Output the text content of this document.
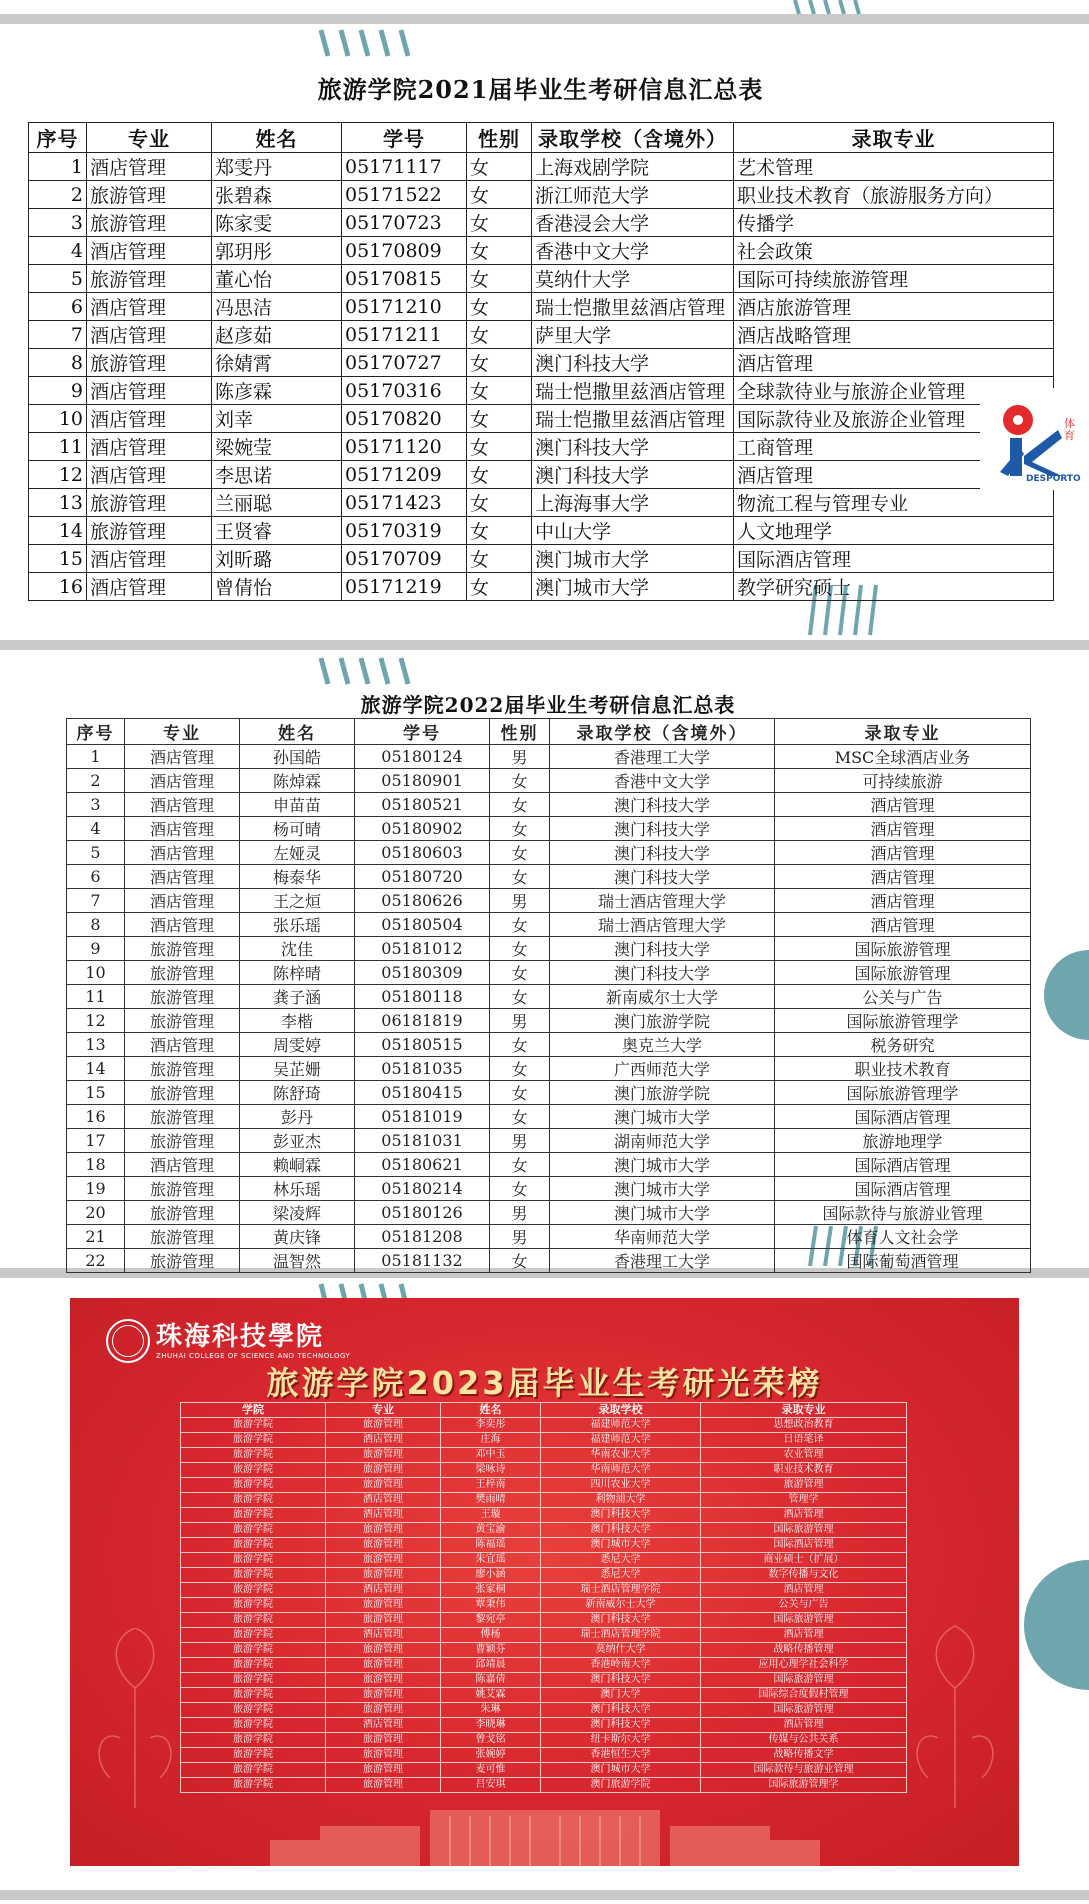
旅游学院2021届毕业生考研信息汇总表
序号	专业	姓名	学号	性别	录取学校（含境外）	录取专业
1	酒店管理	郑雯丹	05171117	女	上海戏剧学院	艺术管理
2	旅游管理	张碧森	05171522	女	浙江师范大学	职业技术教育（旅游服务方向）
3	旅游管理	陈家雯	05170723	女	香港浸会大学	传播学
4	酒店管理	郭玥彤	05170809	女	香港中文大学	社会政策
5	旅游管理	董心怡	05170815	女	莫纳什大学	国际可持续旅游管理
6	酒店管理	冯思洁	05171210	女	瑞士恺撒里兹酒店管理	酒店旅游管理
7	酒店管理	赵彦茹	05171211	女	萨里大学	酒店战略管理
8	旅游管理	徐婧霄	05170727	女	澳门科技大学	酒店管理
9	酒店管理	陈彦霖	05170316	女	瑞士恺撒里兹酒店管理	全球款待业与旅游企业管理
10	酒店管理	刘幸	05170820	女	瑞士恺撒里兹酒店管理	国际款待业及旅游企业管理
11	酒店管理	梁婉莹	05171120	女	澳门科技大学	工商管理
12	酒店管理	李思诺	05171209	女	澳门科技大学	酒店管理
13	旅游管理	兰丽聪	05171423	女	上海海事大学	物流工程与管理专业
14	旅游管理	王贤睿	05170319	女	中山大学	人文地理学
15	酒店管理	刘昕璐	05170709	女	澳门城市大学	国际酒店管理
16	酒店管理	曾倩怡	05171219	女	澳门城市大学	教学研究硕士
体育
DESPORTO
旅游学院2022届毕业生考研信息汇总表
序号	专业	姓名	学号	性别	录取学校（含境外）	录取专业
1	酒店管理	孙国皓	05180124	男	香港理工大学	MSC全球酒店业务
2	酒店管理	陈焯霖	05180901	女	香港中文大学	可持续旅游
3	酒店管理	申苗苗	05180521	女	澳门科技大学	酒店管理
4	酒店管理	杨可晴	05180902	女	澳门科技大学	酒店管理
5	酒店管理	左娅灵	05180603	女	澳门科技大学	酒店管理
6	酒店管理	梅泰华	05180720	女	澳门科技大学	酒店管理
7	酒店管理	王之烜	05180626	男	瑞士酒店管理大学	酒店管理
8	酒店管理	张乐瑶	05180504	女	瑞士酒店管理大学	酒店管理
9	旅游管理	沈佳	05181012	女	澳门科技大学	国际旅游管理
10	旅游管理	陈梓晴	05180309	女	澳门科技大学	国际旅游管理
11	旅游管理	龚子涵	05180118	女	新南威尔士大学	公关与广告
12	旅游管理	李楷	06181819	男	澳门旅游学院	国际旅游管理学
13	酒店管理	周雯婷	05180515	女	奥克兰大学	税务研究
14	旅游管理	吴芷姗	05181035	女	广西师范大学	职业技术教育
15	旅游管理	陈舒琦	05180415	女	澳门旅游学院	国际旅游管理学
16	旅游管理	彭丹	05181019	女	澳门城市大学	国际酒店管理
17	旅游管理	彭亚杰	05181031	男	湖南师范大学	旅游地理学
18	酒店管理	赖峒霖	05180621	女	澳门城市大学	国际酒店管理
19	旅游管理	林乐瑶	05180214	女	澳门城市大学	国际酒店管理
20	旅游管理	梁凌辉	05180126	男	澳门城市大学	国际款待与旅游业管理
21	旅游管理	黄庆锋	05181208	男	华南师范大学	体育人文社会学
22	旅游管理	温智然	05181132	女	香港理工大学	国际葡萄酒管理
珠海科技學院
ZHUHAI COLLEGE OF SCIENCE AND TECHNOLOGY
旅游学院2023届毕业生考研光荣榜
学院	专业	姓名	录取学校	录取专业
旅游学院	旅游管理	李奕彤	福建师范大学	思想政治教育
旅游学院	酒店管理	庄海	福建师范大学	日语笔译
旅游学院	旅游管理	邓中玉	华南农业大学	农业管理
旅游学院	旅游管理	梁咏诗	华南师范大学	职业技术教育
旅游学院	旅游管理	王梓南	四川农业大学	旅游管理
旅游学院	酒店管理	樊雨晴	利物浦大学	管理学
旅游学院	酒店管理	王璇	澳门科技大学	酒店管理
旅游学院	旅游管理	黄宝渝	澳门科技大学	国际旅游管理
旅游学院	旅游管理	陈福瑶	澳门城市大学	国际酒店管理
旅游学院	旅游管理	朱宜瑶	悉尼大学	商业硕士（扩展）
旅游学院	旅游管理	廖小涵	悉尼大学	数字传播与文化
旅游学院	酒店管理	张家桐	瑞士酒店管理学院	酒店管理
旅游学院	旅游管理	覃秉伟	新南威尔士大学	公关与广告
旅游学院	旅游管理	黎宛亭	澳门科技大学	国际旅游管理
旅游学院	酒店管理	傅杨	瑞士酒店管理学院	酒店管理
旅游学院	旅游管理	曹颖芬	莫纳什大学	战略传播管理
旅游学院	旅游管理	邱靖晨	香港岭南大学	应用心理学社会科学
旅游学院	旅游管理	陈嘉倩	澳门科技大学	国际旅游管理
旅游学院	旅游管理	姚艾霖	澳门大学	国际综合度假村管理
旅游学院	旅游管理	朱琳	澳门科技大学	国际旅游管理
旅游学院	酒店管理	李晓琳	澳门科技大学	酒店管理
旅游学院	旅游管理	曾戈铭	纽卡斯尔大学	传媒与公共关系
旅游学院	旅游管理	张婉婷	香港恒生大学	战略传播文学
旅游学院	旅游管理	麦可惟	澳门城市大学	国际款待与旅游业管理
旅游学院	旅游管理	吕安琪	澳门旅游学院	国际旅游管理学
